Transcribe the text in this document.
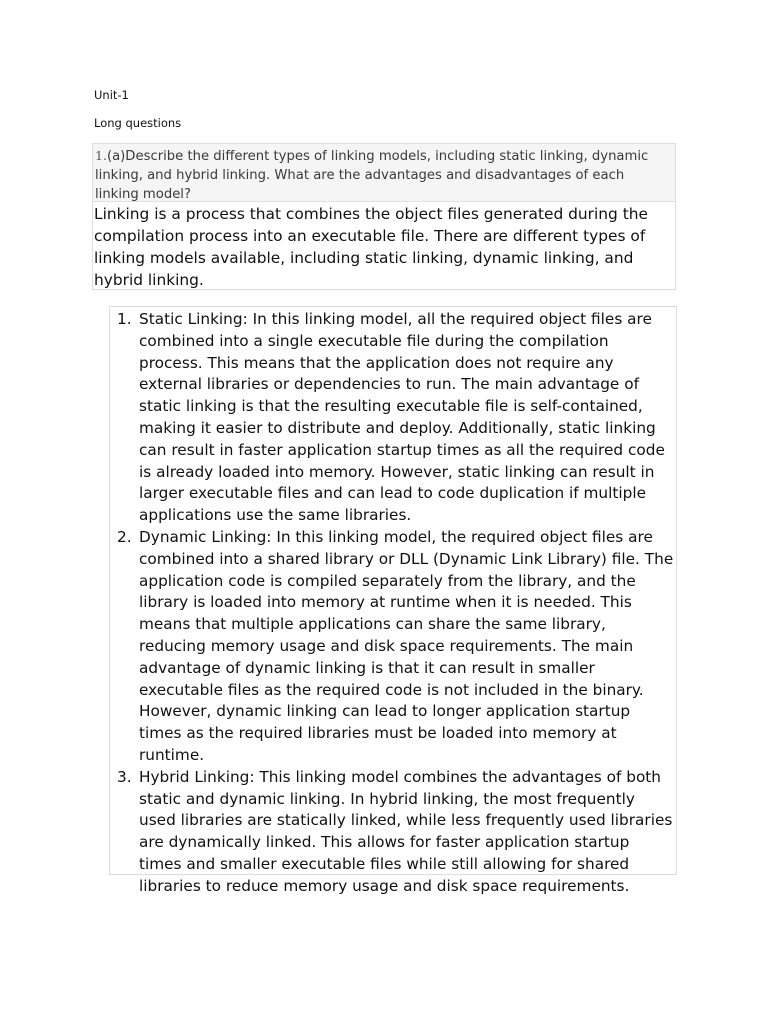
Unit-1
Long questions
1.(a)Describe the different types of linking models, including static linking, dynamic linking, and hybrid linking. What are the advantages and disadvantages of each linking model?
Linking is a process that combines the object files generated during the compilation process into an executable file. There are different types of linking models available, including static linking, dynamic linking, and hybrid linking.
1. Static Linking: In this linking model, all the required object files are combined into a single executable file during the compilation process. This means that the application does not require any external libraries or dependencies to run. The main advantage of static linking is that the resulting executable file is self-contained, making it easier to distribute and deploy. Additionally, static linking can result in faster application startup times as all the required code is already loaded into memory. However, static linking can result in larger executable files and can lead to code duplication if multiple applications use the same libraries.
2. Dynamic Linking: In this linking model, the required object files are combined into a shared library or DLL (Dynamic Link Library) file. The application code is compiled separately from the library, and the library is loaded into memory at runtime when it is needed. This means that multiple applications can share the same library, reducing memory usage and disk space requirements. The main advantage of dynamic linking is that it can result in smaller executable files as the required code is not included in the binary. However, dynamic linking can lead to longer application startup times as the required libraries must be loaded into memory at runtime.
3. Hybrid Linking: This linking model combines the advantages of both static and dynamic linking. In hybrid linking, the most frequently used libraries are statically linked, while less frequently used libraries are dynamically linked. This allows for faster application startup times and smaller executable files while still allowing for shared libraries to reduce memory usage and disk space requirements.
